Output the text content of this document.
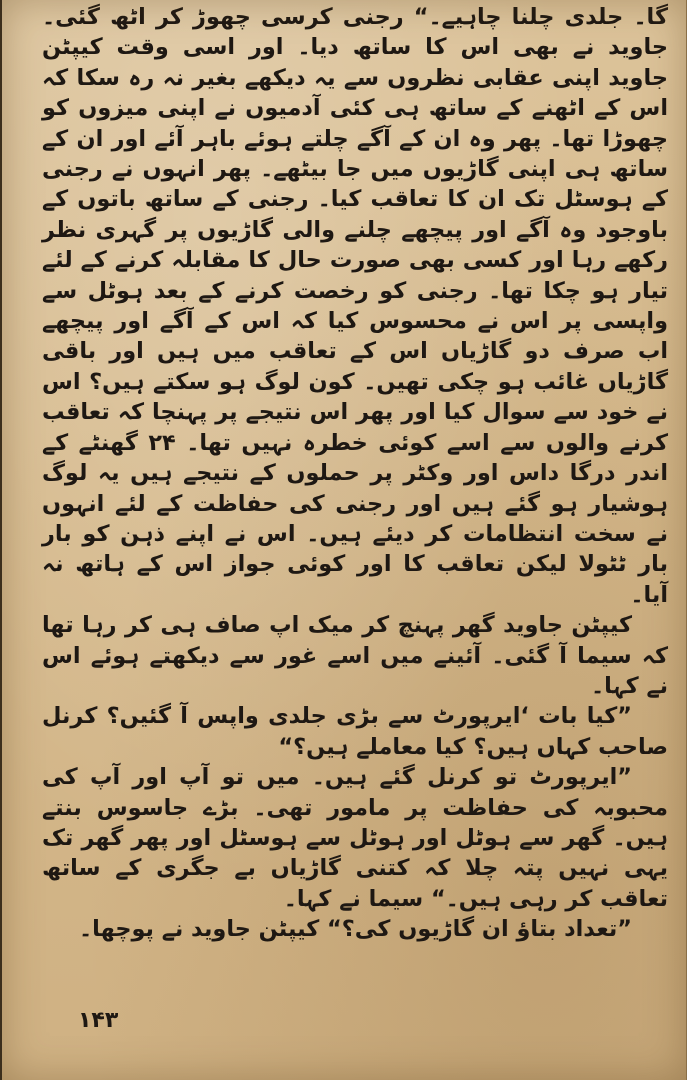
گا۔ جلدی چلنا چاہیے۔“ رجنی کرسی چھوڑ کر اٹھ گئی۔ جاوید نے بھی اس کا ساتھ دیا۔ اور اسی وقت کیپٹن جاوید اپنی عقابی نظروں سے یہ دیکھے بغیر نہ رہ سکا کہ اس کے اٹھنے کے ساتھ ہی کئی آدمیوں نے اپنی میزوں کو چھوڑا تھا۔ پھر وہ ان کے آگے چلتے ہوئے باہر آئے اور ان کے ساتھ ہی اپنی گاڑیوں میں جا بیٹھے۔ پھر انہوں نے رجنی کے ہوسٹل تک ان کا تعاقب کیا۔ رجنی کے ساتھ باتوں کے باوجود وہ آگے اور پیچھے چلنے والی گاڑیوں پر گہری نظر رکھے رہا اور کسی بھی صورت حال کا مقابلہ کرنے کے لئے تیار ہو چکا تھا۔ رجنی کو رخصت کرنے کے بعد ہوٹل سے واپسی پر اس نے محسوس کیا کہ اس کے آگے اور پیچھے اب صرف دو گاڑیاں اس کے تعاقب میں ہیں اور باقی گاڑیاں غائب ہو چکی تھیں۔ کون لوگ ہو سکتے ہیں؟ اس نے خود سے سوال کیا اور پھر اس نتیجے پر پہنچا کہ تعاقب کرنے والوں سے اسے کوئی خطرہ نہیں تھا۔ ۲۴ گھنٹے کے اندر درگا داس اور وکٹر پر حملوں کے نتیجے ہیں یہ لوگ ہوشیار ہو گئے ہیں اور رجنی کی حفاظت کے لئے انہوں نے سخت انتظامات کر دیئے ہیں۔ اس نے اپنے ذہن کو بار بار ٹٹولا لیکن تعاقب کا اور کوئی جواز اس کے ہاتھ نہ آیا۔

کیپٹن جاوید گھر پہنچ کر میک اپ صاف ہی کر رہا تھا کہ سیما آ گئی۔ آئینے میں اسے غور سے دیکھتے ہوئے اس نے کہا۔

”کیا بات ‘ایرپورٹ سے بڑی جلدی واپس آ گئیں؟ کرنل صاحب کہاں ہیں؟ کیا معاملے ہیں؟“

”ایرپورٹ تو کرنل گئے ہیں۔ میں تو آپ اور آپ کی محبوبہ کی حفاظت پر مامور تھی۔ بڑے جاسوس بنتے ہیں۔ گھر سے ہوٹل اور ہوٹل سے ہوسٹل اور پھر گھر تک یہی نہیں پتہ چلا کہ کتنی گاڑیاں بے جگری کے ساتھ تعاقب کر رہی ہیں۔“ سیما نے کہا۔

”تعداد بتاؤ ان گاڑیوں کی؟“ کیپٹن جاوید نے پوچھا۔

۱۴۳
